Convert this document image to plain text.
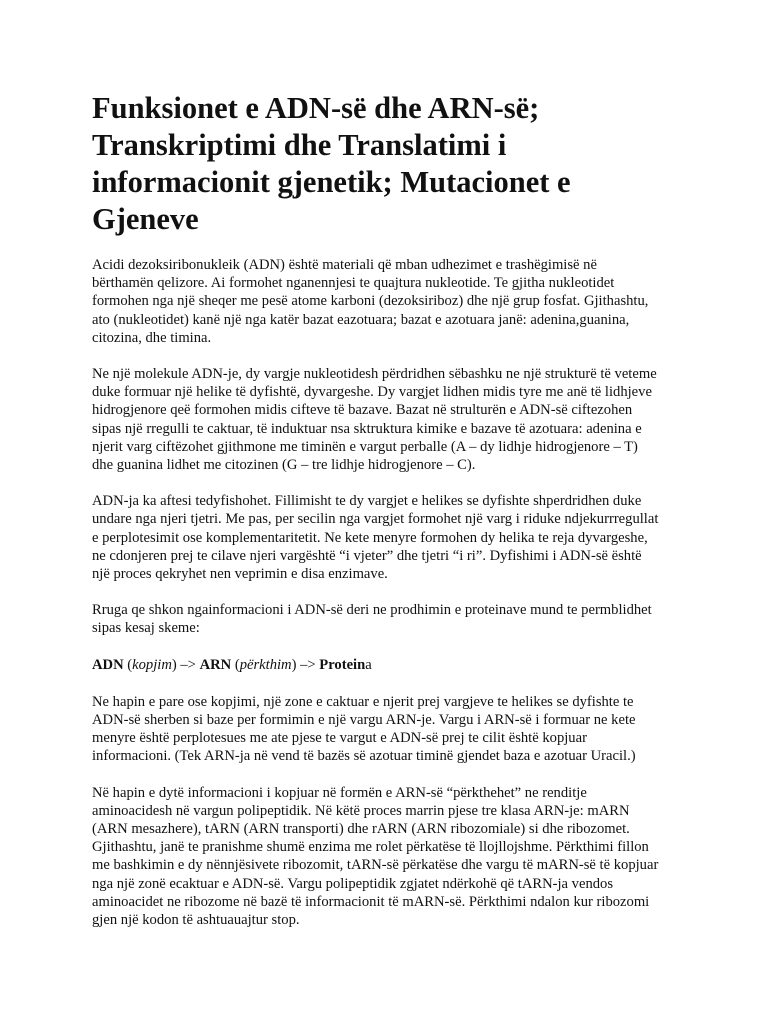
Funksionet e ADN-së dhe ARN-së;
Transkriptimi dhe Translatimi i
informacionit gjenetik; Mutacionet e Gjeneve

Acidi dezoksiribonukleik (ADN) është materiali që mban udhezimet e trashëgimisë në
bërthamën qelizore. Ai formohet nganennjesi te quajtura nukleotide. Te gjitha nukleotidet
formohen nga një sheqer me pesë atome karboni (dezoksiriboz) dhe një grup fosfat. Gjithashtu,
ato (nukleotidet) kanë një nga katër bazat eazotuara; bazat e azotuara janë: adenina,guanina,
citozina, dhe timina.

Ne një molekule ADN-je, dy vargje nukleotidesh përdridhen sëbashku ne një strukturë të veteme
duke formuar një helike të dyfishtë, dyvargeshe. Dy vargjet lidhen midis tyre me anë të lidhjeve
hidrogjenore qeë formohen midis cifteve të bazave. Bazat në strulturën e ADN-së ciftezohen
sipas një rregulli te caktuar, të induktuar nsa sktruktura kimike e bazave të azotuara: adenina e
njerit varg ciftëzohet gjithmone me timinën e vargut perballe (A – dy lidhje hidrogjenore – T)
dhe guanina lidhet me citozinen (G – tre lidhje hidrogjenore – C).

ADN-ja ka aftesi tedyfishohet. Fillimisht te dy vargjet e helikes se dyfishte shperdridhen duke
undare nga njeri tjetri. Me pas, per secilin nga vargjet formohet një varg i riduke ndjekurrregullat
e perplotesimit ose komplementaritetit. Ne kete menyre formohen dy helika te reja dyvargeshe,
ne cdonjeren prej te cilave njeri vargështë “i vjeter” dhe tjetri “i ri”. Dyfishimi i ADN-së është
një proces qekryhet nen veprimin e disa enzimave.

Rruga qe shkon ngainformacioni i ADN-së deri ne prodhimin e proteinave mund te permblidhet
sipas kesaj skeme:

ADN (kopjim) –> ARN (përkthim) –> Proteina

Ne hapin e pare ose kopjimi, një zone e caktuar e njerit prej vargjeve te helikes se dyfishte te
ADN-së sherben si baze per formimin e një vargu ARN-je. Vargu i ARN-së i formuar ne kete
menyre është perplotesues me ate pjese te vargut e ADN-së prej te cilit është kopjuar
informacioni. (Tek ARN-ja në vend të bazës së azotuar timinë gjendet baza e azotuar Uracil.)

Në hapin e dytë informacioni i kopjuar në formën e ARN-së “përkthehet” ne renditje
aminoacidesh në vargun polipeptidik. Në këtë proces marrin pjese tre klasa ARN-je: mARN
(ARN mesazhere), tARN (ARN transporti) dhe rARN (ARN ribozomiale) si dhe ribozomet.
Gjithashtu, janë te pranishme shumë enzima me rolet përkatëse të llojllojshme. Përkthimi fillon
me bashkimin e dy nënnjësivete ribozomit, tARN-së përkatëse dhe vargu të mARN-së të kopjuar
nga një zonë ecaktuar e ADN-së. Vargu polipeptidik zgjatet ndërkohë që tARN-ja vendos
aminoacidet ne ribozome në bazë të informacionit të mARN-së. Përkthimi ndalon kur ribozomi
gjen një kodon të ashtuauajtur stop.
